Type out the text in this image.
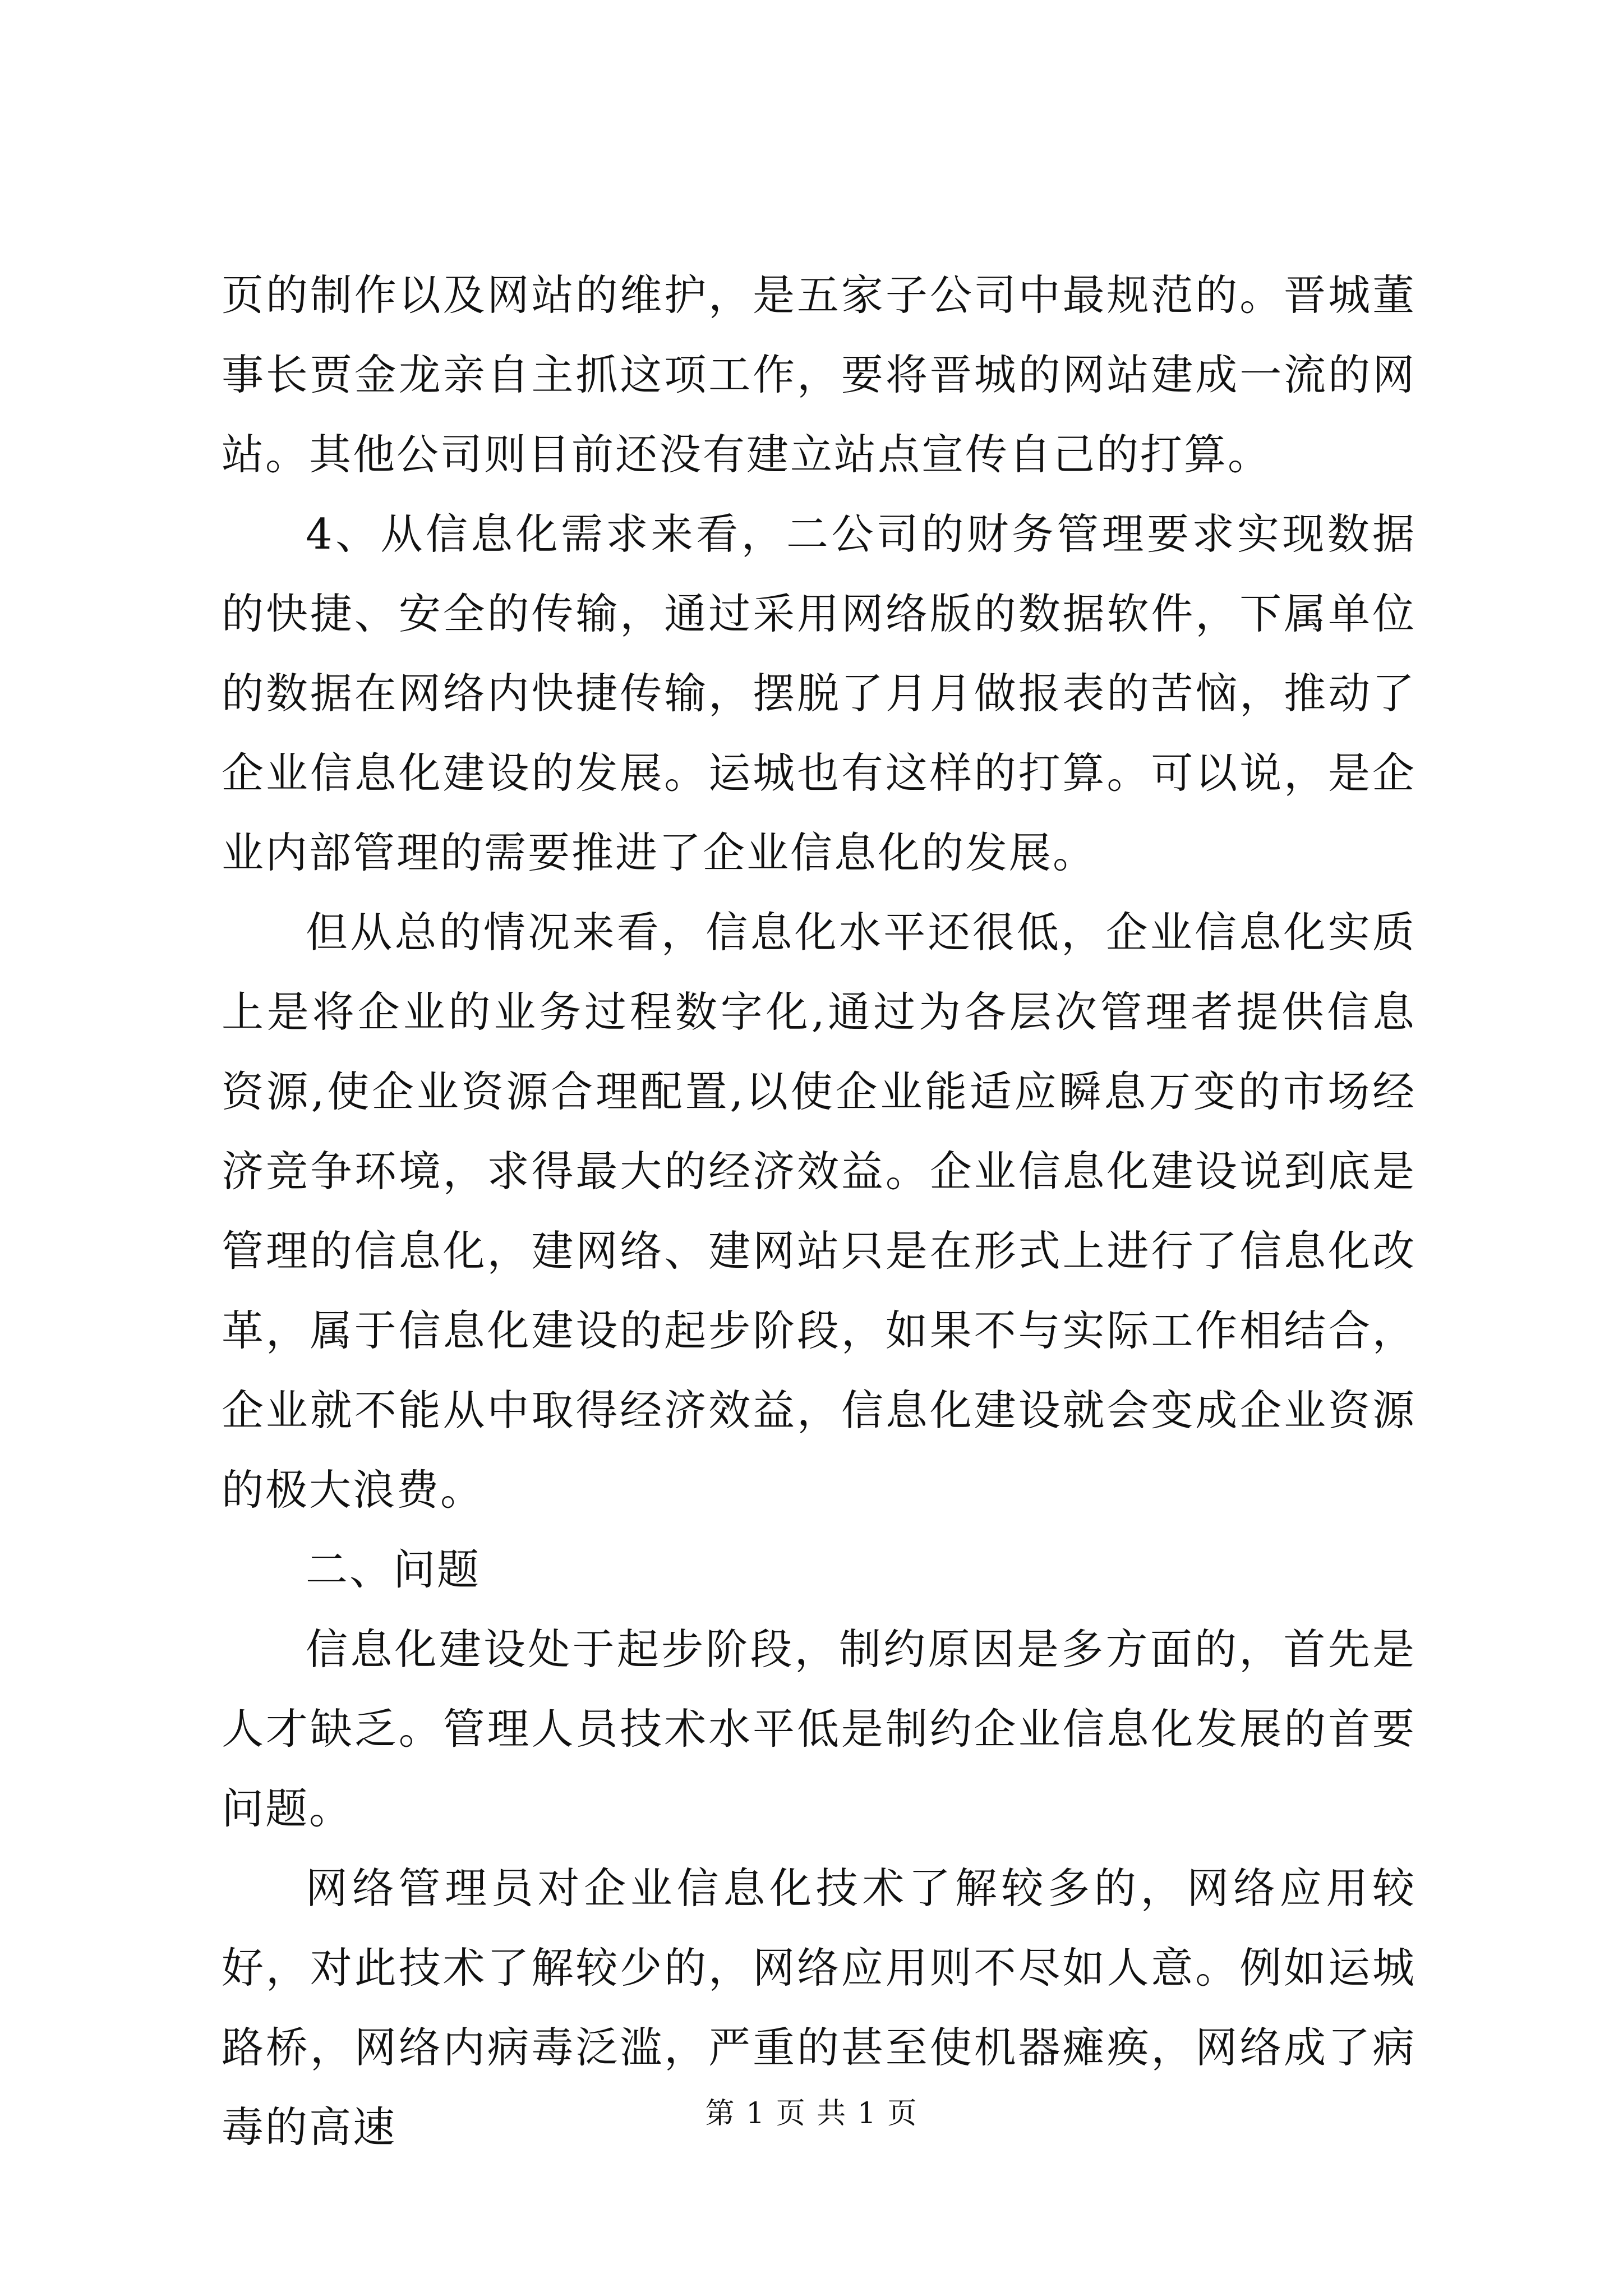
页的制作以及网站的维护，是五家子公司中最规范的。晋城董事长贾金龙亲自主抓这项工作，要将晋城的网站建成一流的网站。其他公司则目前还没有建立站点宣传自己的打算。

4、从信息化需求来看，二公司的财务管理要求实现数据的快捷、安全的传输，通过采用网络版的数据软件，下属单位的数据在网络内快捷传输，摆脱了月月做报表的苦恼，推动了企业信息化建设的发展。运城也有这样的打算。可以说，是企业内部管理的需要推进了企业信息化的发展。

但从总的情况来看，信息化水平还很低，企业信息化实质上是将企业的业务过程数字化,通过为各层次管理者提供信息资源,使企业资源合理配置,以使企业能适应瞬息万变的市场经济竞争环境，求得最大的经济效益。企业信息化建设说到底是管理的信息化，建网络、建网站只是在形式上进行了信息化改革，属于信息化建设的起步阶段，如果不与实际工作相结合，企业就不能从中取得经济效益，信息化建设就会变成企业资源的极大浪费。

二、问题

信息化建设处于起步阶段，制约原因是多方面的，首先是人才缺乏。管理人员技术水平低是制约企业信息化发展的首要问题。

网络管理员对企业信息化技术了解较多的，网络应用较好，对此技术了解较少的，网络应用则不尽如人意。例如运城路桥，网络内病毒泛滥，严重的甚至使机器瘫痪，网络成了病毒的高速	第 1 页 共 1 页
